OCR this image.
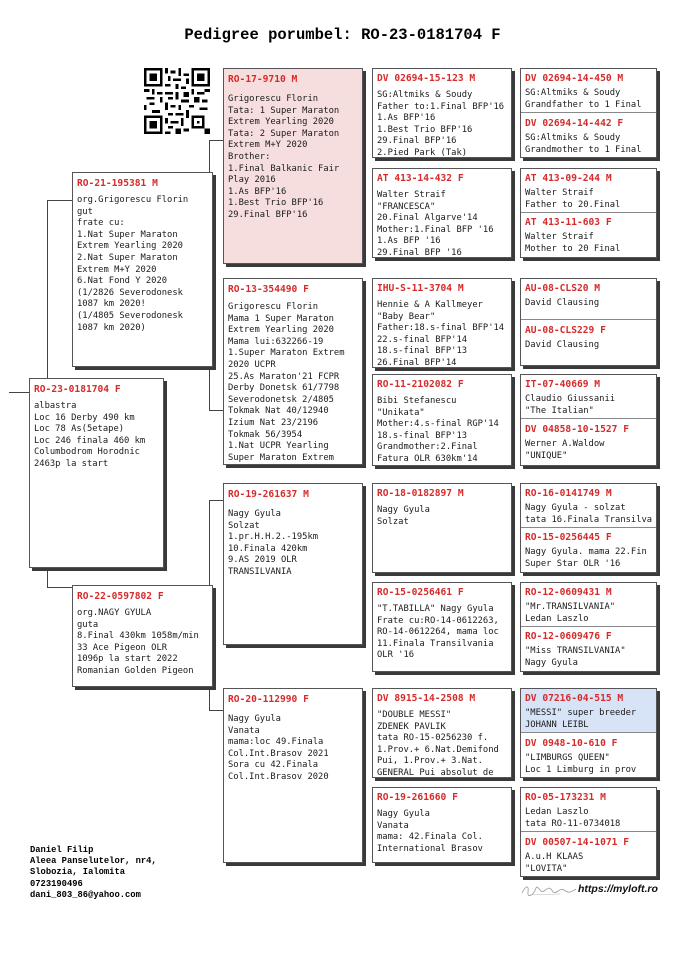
Pedigree porumbel: RO-23-0181704 F
RO-23-0181704 F
albastra
Loc 16 Derby 490 km
Loc 78 As(5etape)
Loc 246 finala 460 km
Columbodrom Horodnic
2463p la start
RO-21-195381 M
org.Grigorescu Florin
gut
frate cu:
1.Nat Super Maraton
Extrem Yearling 2020
2.Nat Super Maraton
Extrem M+Y 2020
6.Nat Fond Y 2020
(1/2826 Severodonesk
1087 km 2020!
(1/4805 Severodonesk
1087 km 2020)
RO-22-0597802 F
org.NAGY GYULA
guta
8.Final 430km 1058m/min
33 Ace Pigeon OLR
1096p la start 2022
Romanian Golden Pigeon
RO-17-9710 M
Grigorescu Florin
Tata: 1 Super Maraton
Extrem Yearling 2020
Tata: 2 Super Maraton
Extrem M+Y 2020
Brother:
1.Final Balkanic Fair
Play 2016
1.As BFP'16
1.Best Trio BFP'16
29.Final BFP'16
RO-13-354490 F
Grigorescu Florin
Mama 1 Super Maraton
Extrem Yearling 2020
Mama lui:632266-19
1.Super Maraton Extrem
2020 UCPR
25.As Maraton'21 FCPR
Derby Donetsk 61/7798
Severodonetsk 2/4805
Tokmak Nat 40/12940
Izium Nat 23/2196
Tokmak 56/3954
1.Nat UCPR Yearling
Super Maraton Extrem
RO-19-261637 M
Nagy Gyula
Solzat
1.pr.H.H.2.-195km
10.Finala 420km
9.AS 2019 OLR
TRANSILVANIA
RO-20-112990 F
Nagy Gyula
Vanata
mama:loc 49.Finala
Col.Int.Brasov 2021
Sora cu 42.Finala
Col.Int.Brasov 2020
DV 02694-15-123 M
SG:Altmiks & Soudy
Father to:1.Final BFP'16
1.As BFP'16
1.Best Trio BFP'16
29.Final BFP'16
2.Pied Park (Tak)
AT 413-14-432 F
Walter Straif
"FRANCESCA"
20.Final Algarve'14
Mother:1.Final BFP '16
1.As BFP '16
29.Final BFP '16
IHU-S-11-3704 M
Hennie & A Kallmeyer
"Baby Bear"
Father:18.s-final BFP'14
22.s-final BFP'14
18.s-final BFP'13
26.Final BFP'14
RO-11-2102082 F
Bibi Stefanescu
"Unikata"
Mother:4.s-final RGP'14
18.s-final BFP'13
Grandmother:2.Final
Fatura OLR 630km'14
RO-18-0182897 M
Nagy Gyula
Solzat
RO-15-0256461 F
"T.TABILLA" Nagy Gyula
Frate cu:RO-14-0612263,
RO-14-0612264, mama loc
11.Finala Transilvania
OLR '16
DV 8915-14-2508 M
"DOUBLE MESSI"
ZDENEK PAVLIK
tata RO-15-0256230 f.
1.Prov.+ 6.Nat.Demifond
Pui, 1.Prov.+ 3.Nat.
GENERAL Pui absolut de
RO-19-261660 F
Nagy Gyula
Vanata
mama: 42.Finala Col.
International Brasov
DV 02694-14-450 M
SG:Altmiks & Soudy
Grandfather to 1 Final
DV 02694-14-442 F
SG:Altmiks & Soudy
Grandmother to 1 Final
AT 413-09-244 M
Walter Straif
Father to 20.Final
AT 413-11-603 F
Walter Straif
Mother to 20 Final
AU-08-CLS20 M
David Clausing
AU-08-CLS229 F
David Clausing
IT-07-40669 M
Claudio Giussanii
"The Italian"
DV 04858-10-1527 F
Werner A.Waldow
"UNIQUE"
RO-16-0141749 M
Nagy Gyula - solzat
tata 16.Finala Transilva
RO-15-0256445 F
Nagy Gyula. mama 22.Fin
Super Star OLR '16
RO-12-0609431 M
"Mr.TRANSILVANIA"
Ledan Laszlo
RO-12-0609476 F
"Miss TRANSILVANIA"
Nagy Gyula
DV 07216-04-515 M
"MESSI" super breeder
JOHANN LEIBL
DV 0948-10-610 F
"LIMBURGS QUEEN"
Loc 1 Limburg in prov
RO-05-173231 M
Ledan Laszlo
tata RO-11-0734018
DV 00507-14-1071 F
A.u.H KLAAS
"LOVITA"
Daniel Filip
Aleea Panselutelor, nr4,
Slobozia, Ialomita
0723190496
dani_803_86@yahoo.com	https://myloft.ro
